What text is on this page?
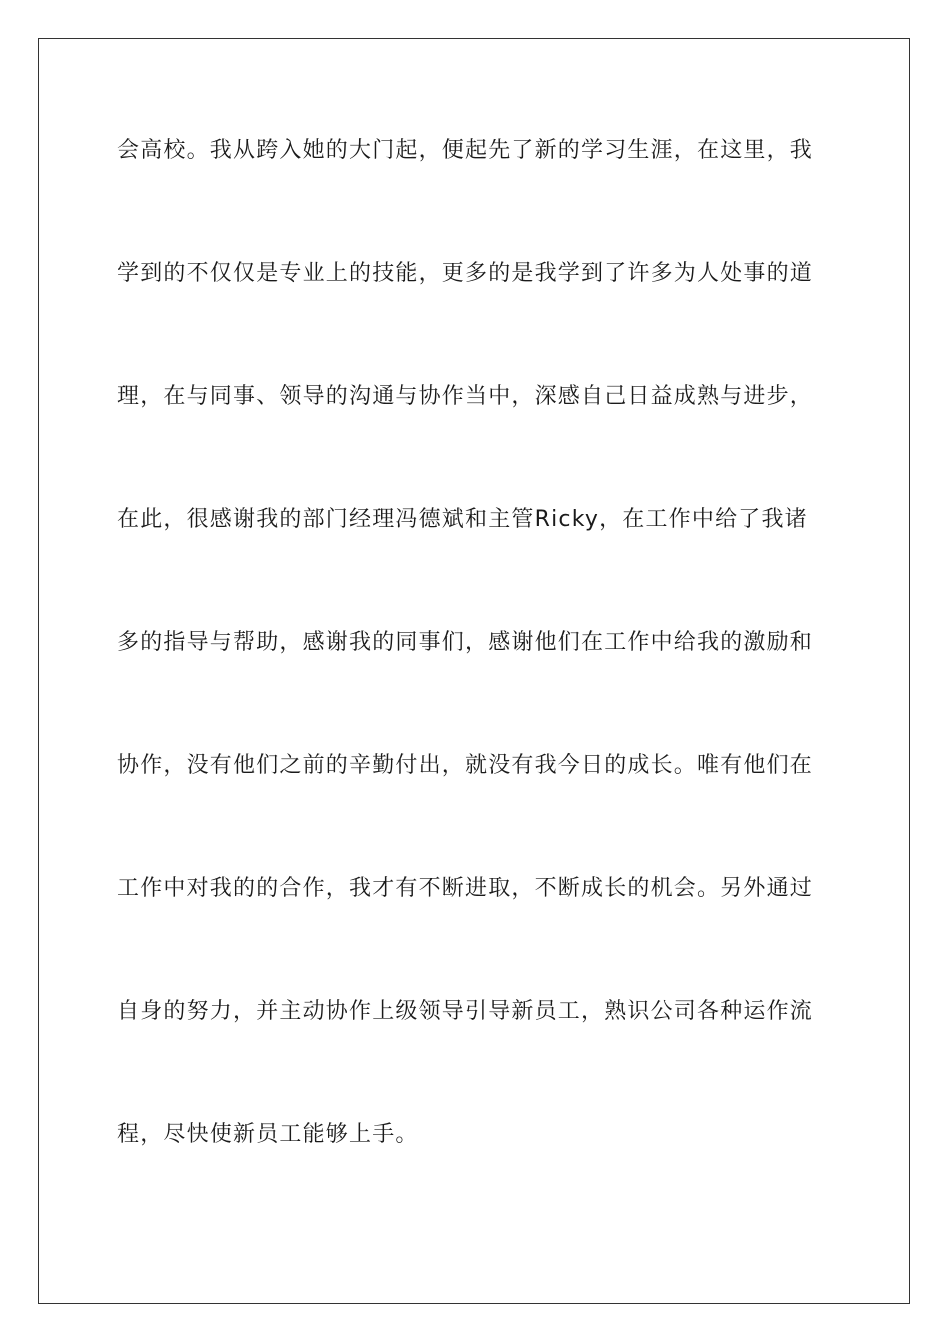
会高校。我从跨入她的大门起，便起先了新的学习生涯，在这里，我
学到的不仅仅是专业上的技能，更多的是我学到了许多为人处事的道
理，在与同事、领导的沟通与协作当中，深感自己日益成熟与进步，
在此，很感谢我的部门经理冯德斌和主管Ricky，在工作中给了我诸
多的指导与帮助，感谢我的同事们，感谢他们在工作中给我的激励和
协作，没有他们之前的辛勤付出，就没有我今日的成长。唯有他们在
工作中对我的的合作，我才有不断进取，不断成长的机会。另外通过
自身的努力，并主动协作上级领导引导新员工，熟识公司各种运作流
程，尽快使新员工能够上手。
